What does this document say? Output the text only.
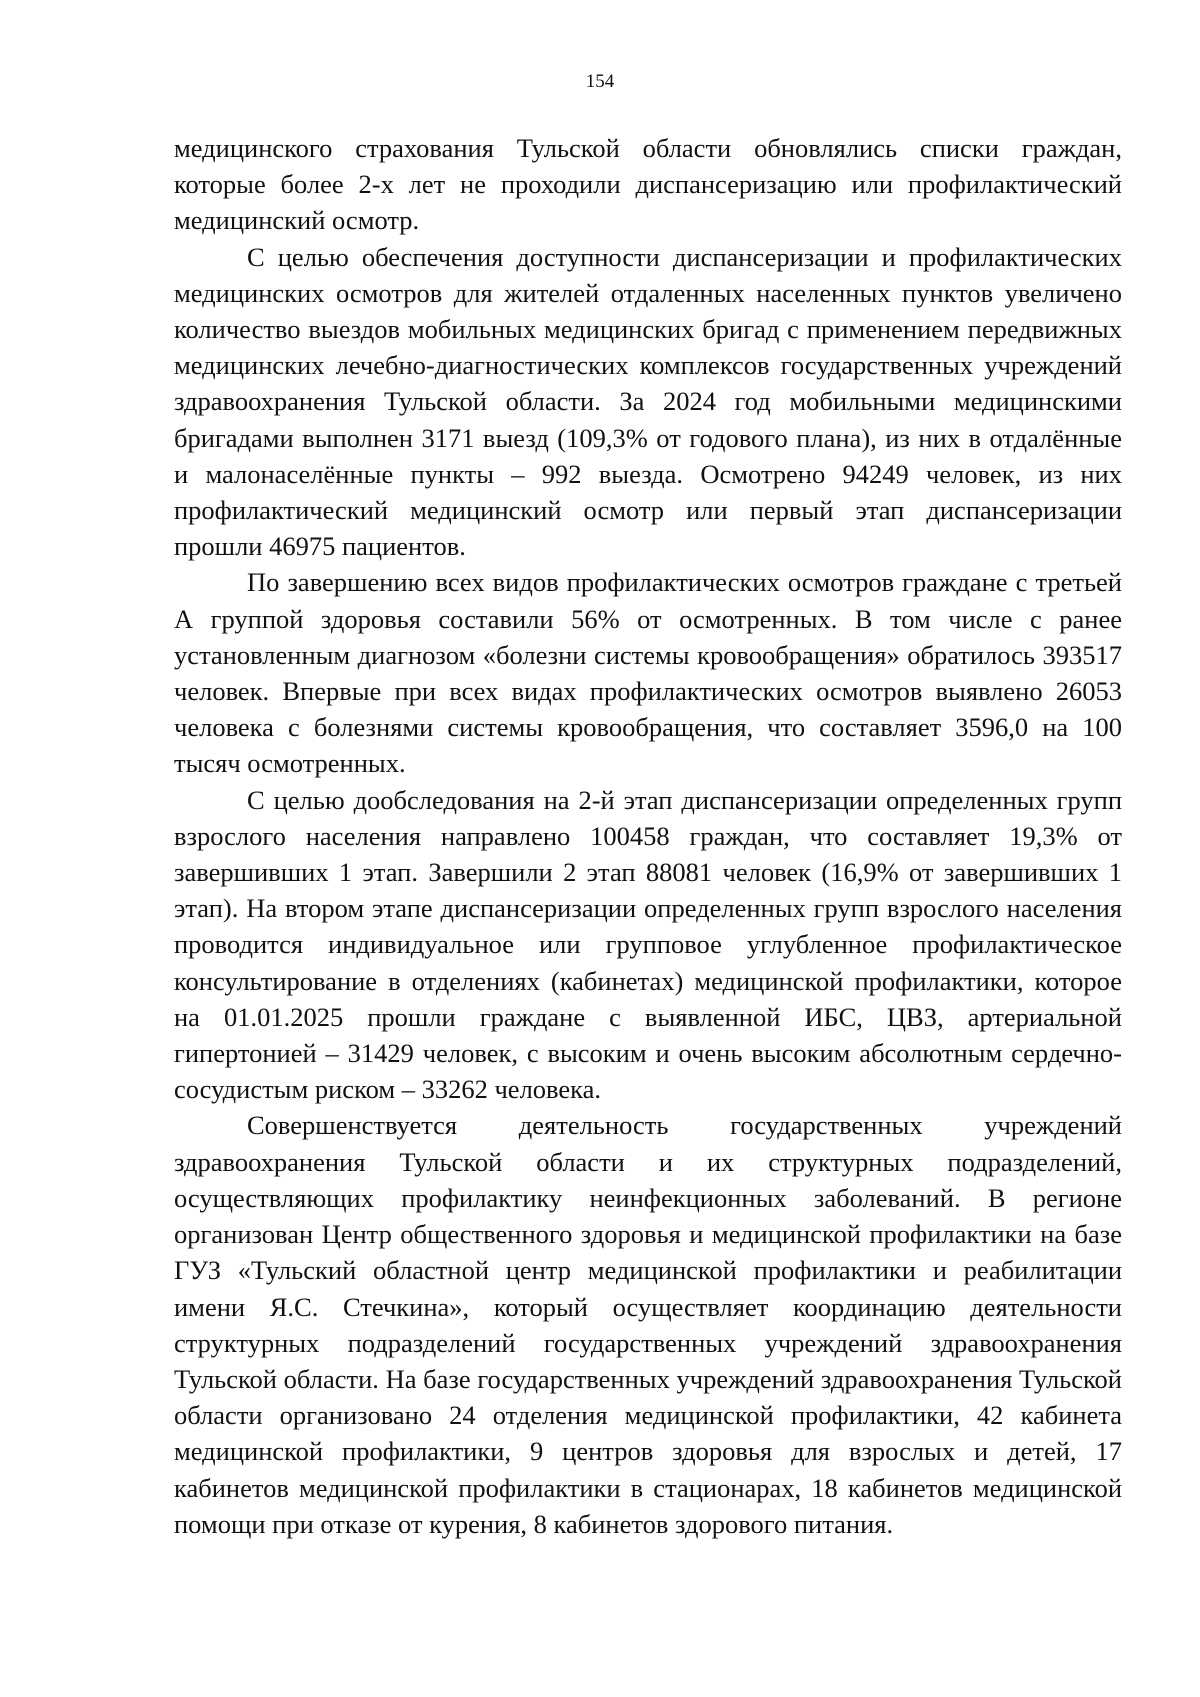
154

медицинского страхования Тульской области обновлялись списки граждан, которые более 2-х лет не проходили диспансеризацию или профилактический медицинский осмотр.

С целью обеспечения доступности диспансеризации и профилактических медицинских осмотров для жителей отдаленных населенных пунктов увеличено количество выездов мобильных медицинских бригад с применением передвижных медицинских лечебно-диагностических комплексов государственных учреждений здравоохранения Тульской области. За 2024 год мобильными медицинскими бригадами выполнен 3171 выезд (109,3% от годового плана), из них в отдалённые и малонаселённые пункты – 992 выезда. Осмотрено 94249 человек, из них профилактический медицинский осмотр или первый этап диспансеризации прошли 46975 пациентов.

По завершению всех видов профилактических осмотров граждане с третьей А группой здоровья составили 56% от осмотренных. В том числе с ранее установленным диагнозом «болезни системы кровообращения» обратилось 393517 человек. Впервые при всех видах профилактических осмотров выявлено 26053 человека с болезнями системы кровообращения, что составляет 3596,0 на 100 тысяч осмотренных.

С целью дообследования на 2-й этап диспансеризации определенных групп взрослого населения направлено 100458 граждан, что составляет 19,3% от завершивших 1 этап. Завершили 2 этап 88081 человек (16,9% от завершивших 1 этап). На втором этапе диспансеризации определенных групп взрослого населения проводится индивидуальное или групповое углубленное профилактическое консультирование в отделениях (кабинетах) медицинской профилактики, которое на 01.01.2025 прошли граждане с выявленной ИБС, ЦВЗ, артериальной гипертонией – 31429 человек, с высоким и очень высоким абсолютным сердечно-сосудистым риском – 33262 человека.

Совершенствуется деятельность государственных учреждений здравоохранения Тульской области и их структурных подразделений, осуществляющих профилактику неинфекционных заболеваний. В регионе организован Центр общественного здоровья и медицинской профилактики на базе ГУЗ «Тульский областной центр медицинской профилактики и реабилитации имени Я.С. Стечкина», который осуществляет координацию деятельности структурных подразделений государственных учреждений здравоохранения Тульской области. На базе государственных учреждений здравоохранения Тульской области организовано 24 отделения медицинской профилактики, 42 кабинета медицинской профилактики, 9 центров здоровья для взрослых и детей, 17 кабинетов медицинской профилактики в стационарах, 18 кабинетов медицинской помощи при отказе от курения, 8 кабинетов здорового питания.
